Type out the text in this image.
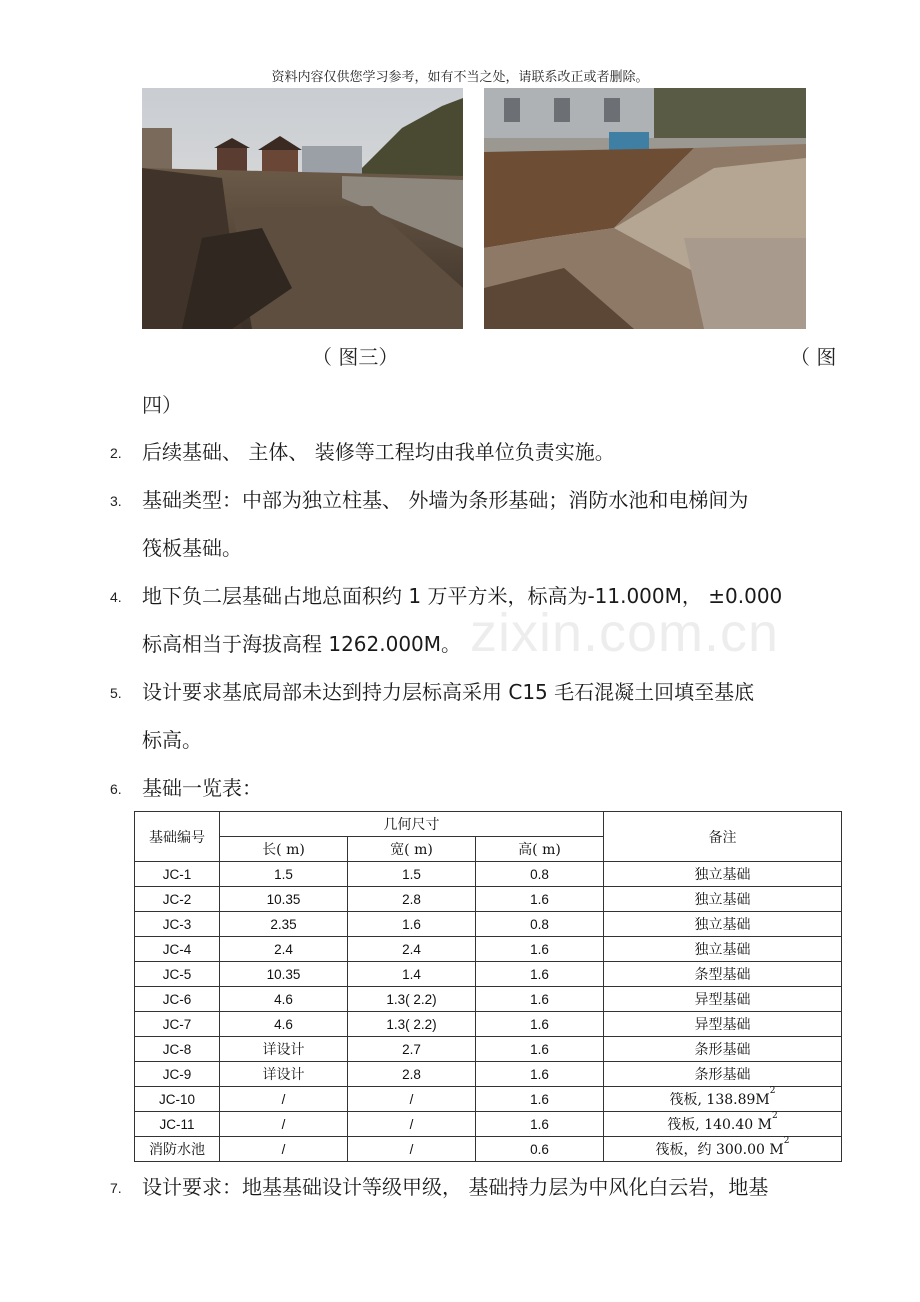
资料内容仅供您学习参考，如有不当之处，请联系改正或者删除。
（ 图三）	（ 图
四）
2.	后续基础、 主体、 装修等工程均由我单位负责实施。
3.	基础类型：中部为独立柱基、 外墙为条形基础；消防水池和电梯间为
筏板基础。
4.	地下负二层基础占地总面积约 1 万平方米，标高为-11.000M， ±0.000
标高相当于海拔高程 1262.000M。
5.	设计要求基底局部未达到持力层标高采用 C15 毛石混凝土回填至基底
标高。
6.	基础一览表：
zixin.com.cn
基础编号	几何尺寸			备注
	长( m)	宽( m)	高( m)	
JC-1	1.5	1.5	0.8	独立基础
JC-2	10.35	2.8	1.6	独立基础
JC-3	2.35	1.6	0.8	独立基础
JC-4	2.4	2.4	1.6	独立基础
JC-5	10.35	1.4	1.6	条型基础
JC-6	4.6	1.3( 2.2)	1.6	异型基础
JC-7	4.6	1.3( 2.2)	1.6	异型基础
JC-8	详设计	2.7	1.6	条形基础
JC-9	详设计	2.8	1.6	条形基础
JC-10	/	/	1.6	筏板, $138.89M^2$
JC-11	/	/	1.6	筏板, 140.40 $M^2$
消防水池	/	/	0.6	筏板，约 300.00 $M^2$
7.	设计要求：地基基础设计等级甲级， 基础持力层为中风化白云岩，地基
